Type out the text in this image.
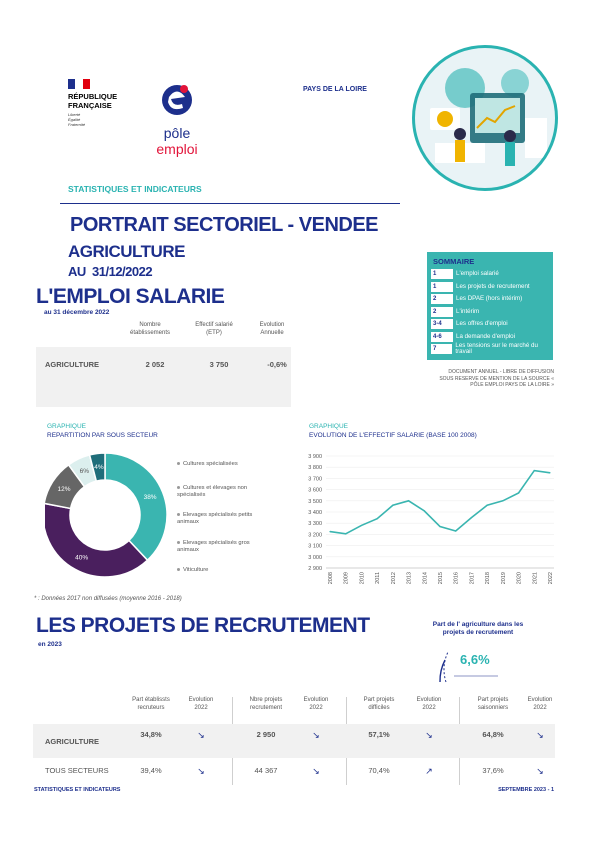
RÉPUBLIQUE
FRANÇAISE
Liberté
Égalité
Fraternité
pôle emploi
PAYS DE LA LOIRE
STATISTIQUES ET INDICATEURS
PORTRAIT SECTORIEL - VENDEE
AGRICULTURE
AU 31/12/2022
L'EMPLOI SALARIE
au 31 décembre 2022
Nombre
établissements
Effectif salarié
(ETP)
Evolution
Annuelle
AGRICULTURE	2 052	3 750	-0,6%
SOMMAIRE
1	L'emploi salarié
1	Les projets de recrutement
2	Les DPAE (hors intérim)
2	L'intérim
3-4	Les offres d'emploi
4-6	La demande d'emploi
7
Les tensions sur le marché du travail
DOCUMENT ANNUEL - LIBRE DE DIFFUSION
SOUS RESERVE DE MENTION DE LA SOURCE «
PÔLE EMPLOI PAYS DE LA LOIRE »
GRAPHIQUE
REPARTITION PAR SOUS SECTEUR
38%
40%
12%
6%
4%	Cultures spécialisées
Cultures et élevages non spécialisés
Elevages spécialisés petits animaux
Elevages spécialisés gros animaux
Viticulture
* : Données 2017 non diffusées (moyenne 2016 - 2018)
GRAPHIQUE
EVOLUTION DE L'EFFECTIF SALARIE (BASE 100 2008)
2 900
3 000
3 100
3 200
3 300
3 400
3 500
3 600
3 700
3 800
3 900
2008 2009 2010 2011 2012 2013 2014 2015 2016 2017 2018 2019 2020 2021 2022
LES PROJETS DE RECRUTEMENT
en 2023
Part de l' agriculture dans les projets de recrutement
6,6%
Part établissts
recruteurs
Evolution
2022
Nbre projets
recrutement
Evolution
2022
Part projets
difficiles
Evolution
2022
Part projets
saisonniers
Evolution
2022
AGRICULTURE
34,8%	↘	2 950	↘	57,1%	↘	64,8%	↘
TOUS SECTEURS	39,4%	↘	44 367	↘	70,4%	↗	37,6%	↘
STATISTIQUES ET INDICATEURS	SEPTEMBRE 2023 - 1
